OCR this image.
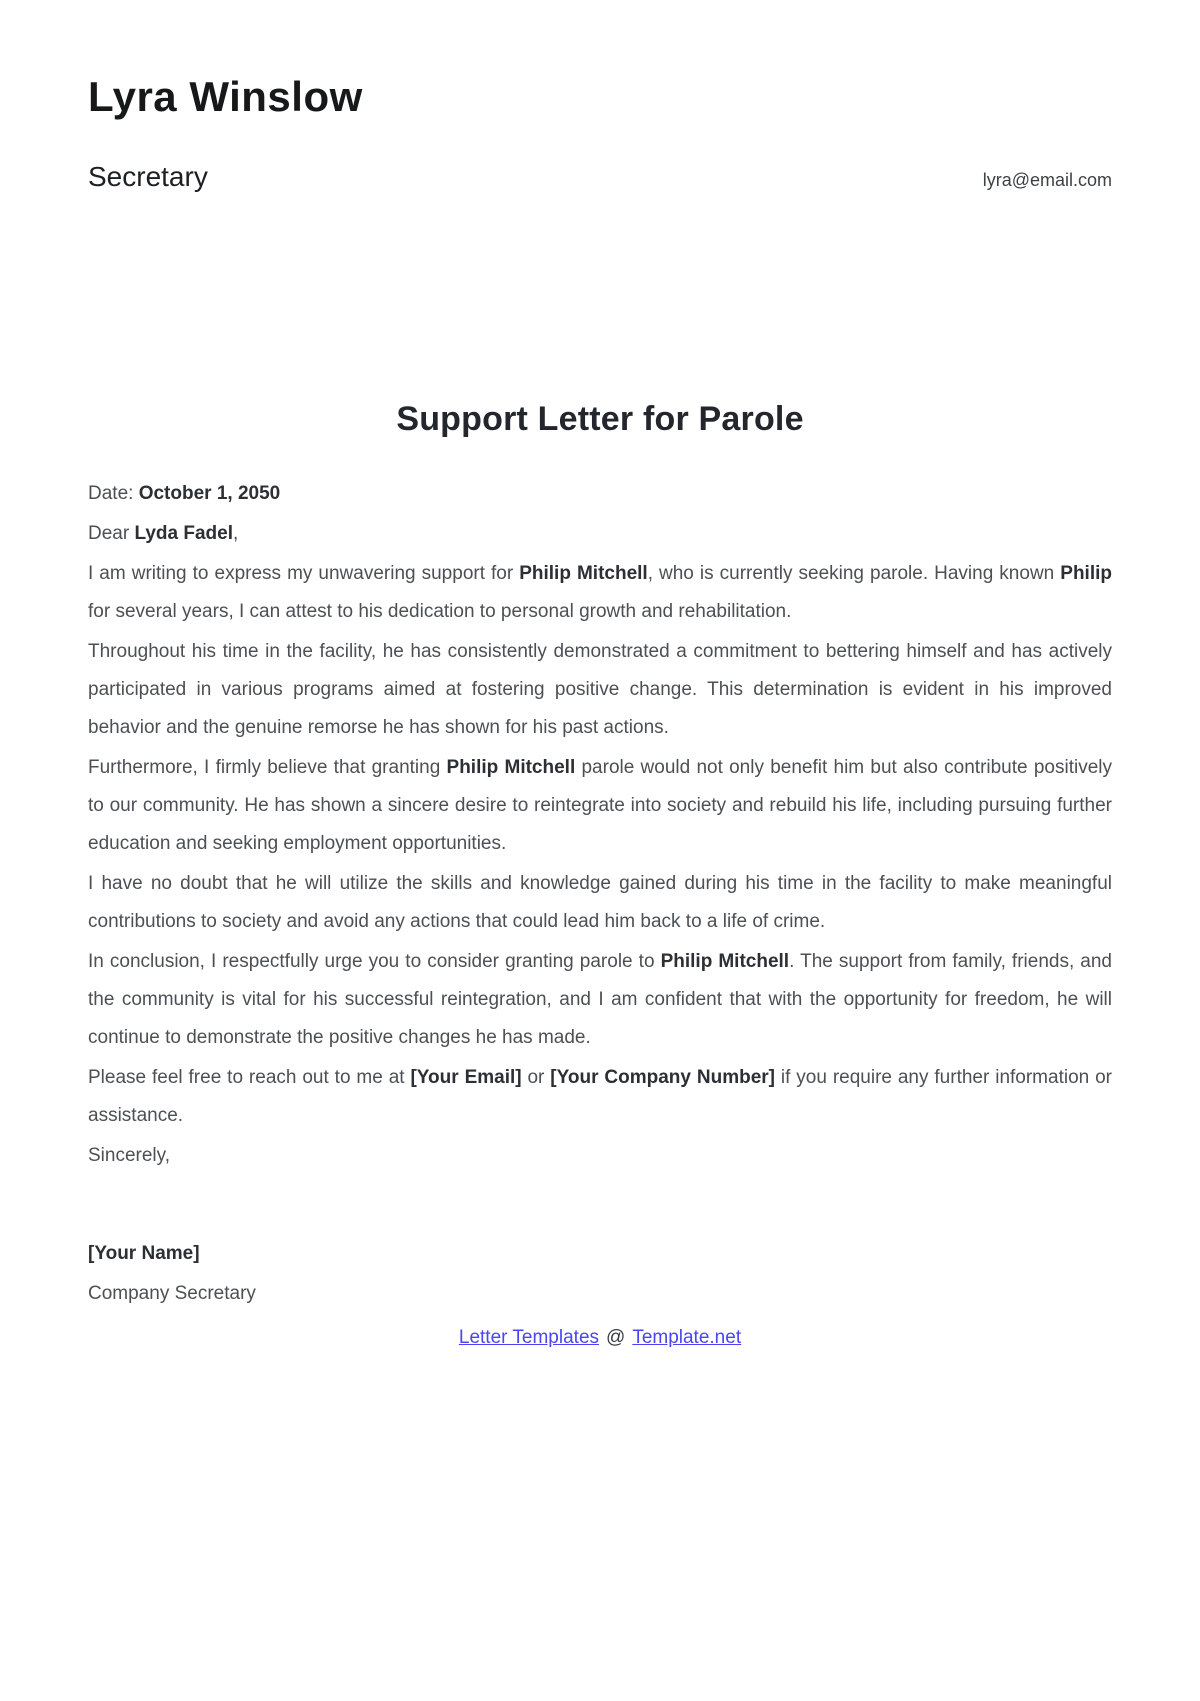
Lyra Winslow
Secretary	lyra@email.com
Support Letter for Parole

Date: October 1, 2050

Dear Lyda Fadel,

I am writing to express my unwavering support for Philip Mitchell, who is currently seeking parole. Having known Philip for several years, I can attest to his dedication to personal growth and rehabilitation.

Throughout his time in the facility, he has consistently demonstrated a commitment to bettering himself and has actively participated in various programs aimed at fostering positive change. This determination is evident in his improved behavior and the genuine remorse he has shown for his past actions.

Furthermore, I firmly believe that granting Philip Mitchell parole would not only benefit him but also contribute positively to our community. He has shown a sincere desire to reintegrate into society and rebuild his life, including pursuing further education and seeking employment opportunities.

I have no doubt that he will utilize the skills and knowledge gained during his time in the facility to make meaningful contributions to society and avoid any actions that could lead him back to a life of crime.

In conclusion, I respectfully urge you to consider granting parole to Philip Mitchell. The support from family, friends, and the community is vital for his successful reintegration, and I am confident that with the opportunity for freedom, he will continue to demonstrate the positive changes he has made.

Please feel free to reach out to me at [Your Email] or [Your Company Number] if you require any further information or assistance.

Sincerely,

[Your Name]

Company Secretary

Letter Templates @ Template.net
